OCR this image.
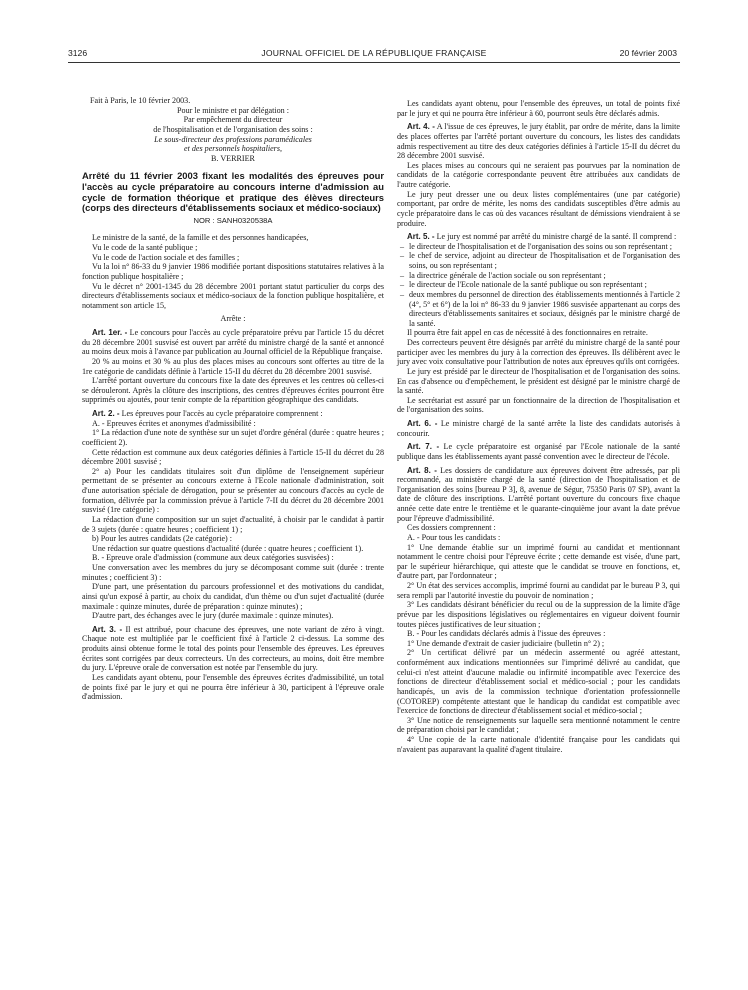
3126	JOURNAL OFFICIEL DE LA RÉPUBLIQUE FRANÇAISE	20 février 2003

Fait à Paris, le 10 février 2003.

Pour le ministre et par délégation :

Par empêchement du directeur

de l'hospitalisation et de l'organisation des soins :

Le sous-directeur des professions paramédicales

et des personnels hospitaliers,

B. VERRIER

Arrêté du 11 février 2003 fixant les modalités des épreuves pour l'accès au cycle préparatoire au concours interne d'admission au cycle de formation théorique et pratique des élèves directeurs (corps des directeurs d'établissements sociaux et médico-sociaux)
NOR : SANH0320538A

Le ministre de la santé, de la famille et des personnes handicapées,

Vu le code de la santé publique ;

Vu le code de l'action sociale et des familles ;

Vu la loi n° 86-33 du 9 janvier 1986 modifiée portant dispositions statutaires relatives à la fonction publique hospitalière ;

Vu le décret n° 2001-1345 du 28 décembre 2001 portant statut particulier du corps des directeurs d'établissements sociaux et médico-sociaux de la fonction publique hospitalière, et notamment son article 15,

Arrête :

Art. 1er. - Le concours pour l'accès au cycle préparatoire prévu par l'article 15 du décret du 28 décembre 2001 susvisé est ouvert par arrêté du ministre chargé de la santé et annoncé au moins deux mois à l'avance par publication au Journal officiel de la République française.

20 % au moins et 30 % au plus des places mises au concours sont offertes au titre de la 1re catégorie de candidats définie à l'article 15-II du décret du 28 décembre 2001 susvisé.

L'arrêté portant ouverture du concours fixe la date des épreuves et les centres où celles-ci se dérouleront. Après la clôture des inscriptions, des centres d'épreuves écrites pourront être supprimés ou ajoutés, pour tenir compte de la répartition géographique des candidats.

Art. 2. - Les épreuves pour l'accès au cycle préparatoire comprennent :

A. - Epreuves écrites et anonymes d'admissibilité :

1° La rédaction d'une note de synthèse sur un sujet d'ordre général (durée : quatre heures ; coefficient 2).

Cette rédaction est commune aux deux catégories définies à l'article 15-II du décret du 28 décembre 2001 susvisé ;

2° a) Pour les candidats titulaires soit d'un diplôme de l'enseignement supérieur permettant de se présenter au concours externe à l'Ecole nationale d'administration, soit d'une autorisation spéciale de dérogation, pour se présenter au concours d'accès au cycle de formation, délivrée par la commission prévue à l'article 7-II du décret du 28 décembre 2001 susvisé (1re catégorie) :

La rédaction d'une composition sur un sujet d'actualité, à choisir par le candidat à partir de 3 sujets (durée : quatre heures ; coefficient 1) ;

b) Pour les autres candidats (2e catégorie) :

Une rédaction sur quatre questions d'actualité (durée : quatre heures ; coefficient 1).

B. - Epreuve orale d'admission (commune aux deux catégories susvisées) :

Une conversation avec les membres du jury se décomposant comme suit (durée : trente minutes ; coefficient 3) :

D'une part, une présentation du parcours professionnel et des motivations du candidat, ainsi qu'un exposé à partir, au choix du candidat, d'un thème ou d'un sujet d'actualité (durée maximale : quinze minutes, durée de préparation : quinze minutes) ;

D'autre part, des échanges avec le jury (durée maximale : quinze minutes).

Art. 3. - Il est attribué, pour chacune des épreuves, une note variant de zéro à vingt. Chaque note est multipliée par le coefficient fixé à l'article 2 ci-dessus. La somme des produits ainsi obtenue forme le total des points pour l'ensemble des épreuves. Les épreuves écrites sont corrigées par deux correcteurs. Un des correcteurs, au moins, doit être membre du jury. L'épreuve orale de conversation est notée par l'ensemble du jury.

Les candidats ayant obtenu, pour l'ensemble des épreuves écrites d'admissibilité, un total de points fixé par le jury et qui ne pourra être inférieur à 30, participent à l'épreuve orale d'admission.

Les candidats ayant obtenu, pour l'ensemble des épreuves, un total de points fixé par le jury et qui ne pourra être inférieur à 60, pourront seuls être déclarés admis.

Art. 4. - A l'issue de ces épreuves, le jury établit, par ordre de mérite, dans la limite des places offertes par l'arrêté portant ouverture du concours, les listes des candidats admis respectivement au titre des deux catégories définies à l'article 15-II du décret du 28 décembre 2001 susvisé.

Les places mises au concours qui ne seraient pas pourvues par la nomination de candidats de la catégorie correspondante peuvent être attribuées aux candidats de l'autre catégorie.

Le jury peut dresser une ou deux listes complémentaires (une par catégorie) comportant, par ordre de mérite, les noms des candidats susceptibles d'être admis au cycle préparatoire dans le cas où des vacances résultant de démissions viendraient à se produire.

Art. 5. - Le jury est nommé par arrêté du ministre chargé de la santé. Il comprend :

– le directeur de l'hospitalisation et de l'organisation des soins ou son représentant ;
– le chef de service, adjoint au directeur de l'hospitalisation et de l'organisation des soins, ou son représentant ;
– la directrice générale de l'action sociale ou son représentant ;
– le directeur de l'Ecole nationale de la santé publique ou son représentant ;
– deux membres du personnel de direction des établissements mentionnés à l'article 2 (4°, 5° et 6°) de la loi n° 86-33 du 9 janvier 1986 susvisée appartenant au corps des directeurs d'établissements sanitaires et sociaux, désignés par le ministre chargé de la santé.

Il pourra être fait appel en cas de nécessité à des fonctionnaires en retraite.

Des correcteurs peuvent être désignés par arrêté du ministre chargé de la santé pour participer avec les membres du jury à la correction des épreuves. Ils délibèrent avec le jury avec voix consultative pour l'attribution de notes aux épreuves qu'ils ont corrigées.

Le jury est présidé par le directeur de l'hospitalisation et de l'organisation des soins. En cas d'absence ou d'empêchement, le président est désigné par le ministre chargé de la santé.

Le secrétariat est assuré par un fonctionnaire de la direction de l'hospitalisation et de l'organisation des soins.

Art. 6. - Le ministre chargé de la santé arrête la liste des candidats autorisés à concourir.

Art. 7. - Le cycle préparatoire est organisé par l'Ecole nationale de la santé publique dans les établissements ayant passé convention avec le directeur de l'école.

Art. 8. - Les dossiers de candidature aux épreuves doivent être adressés, par pli recommandé, au ministère chargé de la santé (direction de l'hospitalisation et de l'organisation des soins [bureau P 3], 8, avenue de Ségur, 75350 Paris 07 SP), avant la date de clôture des inscriptions. L'arrêté portant ouverture du concours fixe chaque année cette date entre le trentième et le quarante-cinquième jour avant la date prévue pour l'épreuve d'admissibilité.

Ces dossiers comprennent :

A. - Pour tous les candidats :

1° Une demande établie sur un imprimé fourni au candidat et mentionnant notamment le centre choisi pour l'épreuve écrite ; cette demande est visée, d'une part, par le supérieur hiérarchique, qui atteste que le candidat se trouve en fonctions, et, d'autre part, par l'ordonnateur ;

2° Un état des services accomplis, imprimé fourni au candidat par le bureau P 3, qui sera rempli par l'autorité investie du pouvoir de nomination ;

3° Les candidats désirant bénéficier du recul ou de la suppression de la limite d'âge prévue par les dispositions législatives ou réglementaires en vigueur doivent fournir toutes pièces justificatives de leur situation ;

B. - Pour les candidats déclarés admis à l'issue des épreuves :

1° Une demande d'extrait de casier judiciaire (bulletin n° 2) ;

2° Un certificat délivré par un médecin assermenté ou agréé attestant, conformément aux indications mentionnées sur l'imprimé délivré au candidat, que celui-ci n'est atteint d'aucune maladie ou infirmité incompatible avec l'exercice des fonctions de directeur d'établissement social et médico-social ; pour les candidats handicapés, un avis de la commission technique d'orientation professionnelle (COTOREP) compétente attestant que le handicap du candidat est compatible avec l'exercice de fonctions de directeur d'établissement social et médico-social ;

3° Une notice de renseignements sur laquelle sera mentionné notamment le centre de préparation choisi par le candidat ;

4° Une copie de la carte nationale d'identité française pour les candidats qui n'avaient pas auparavant la qualité d'agent titulaire.
